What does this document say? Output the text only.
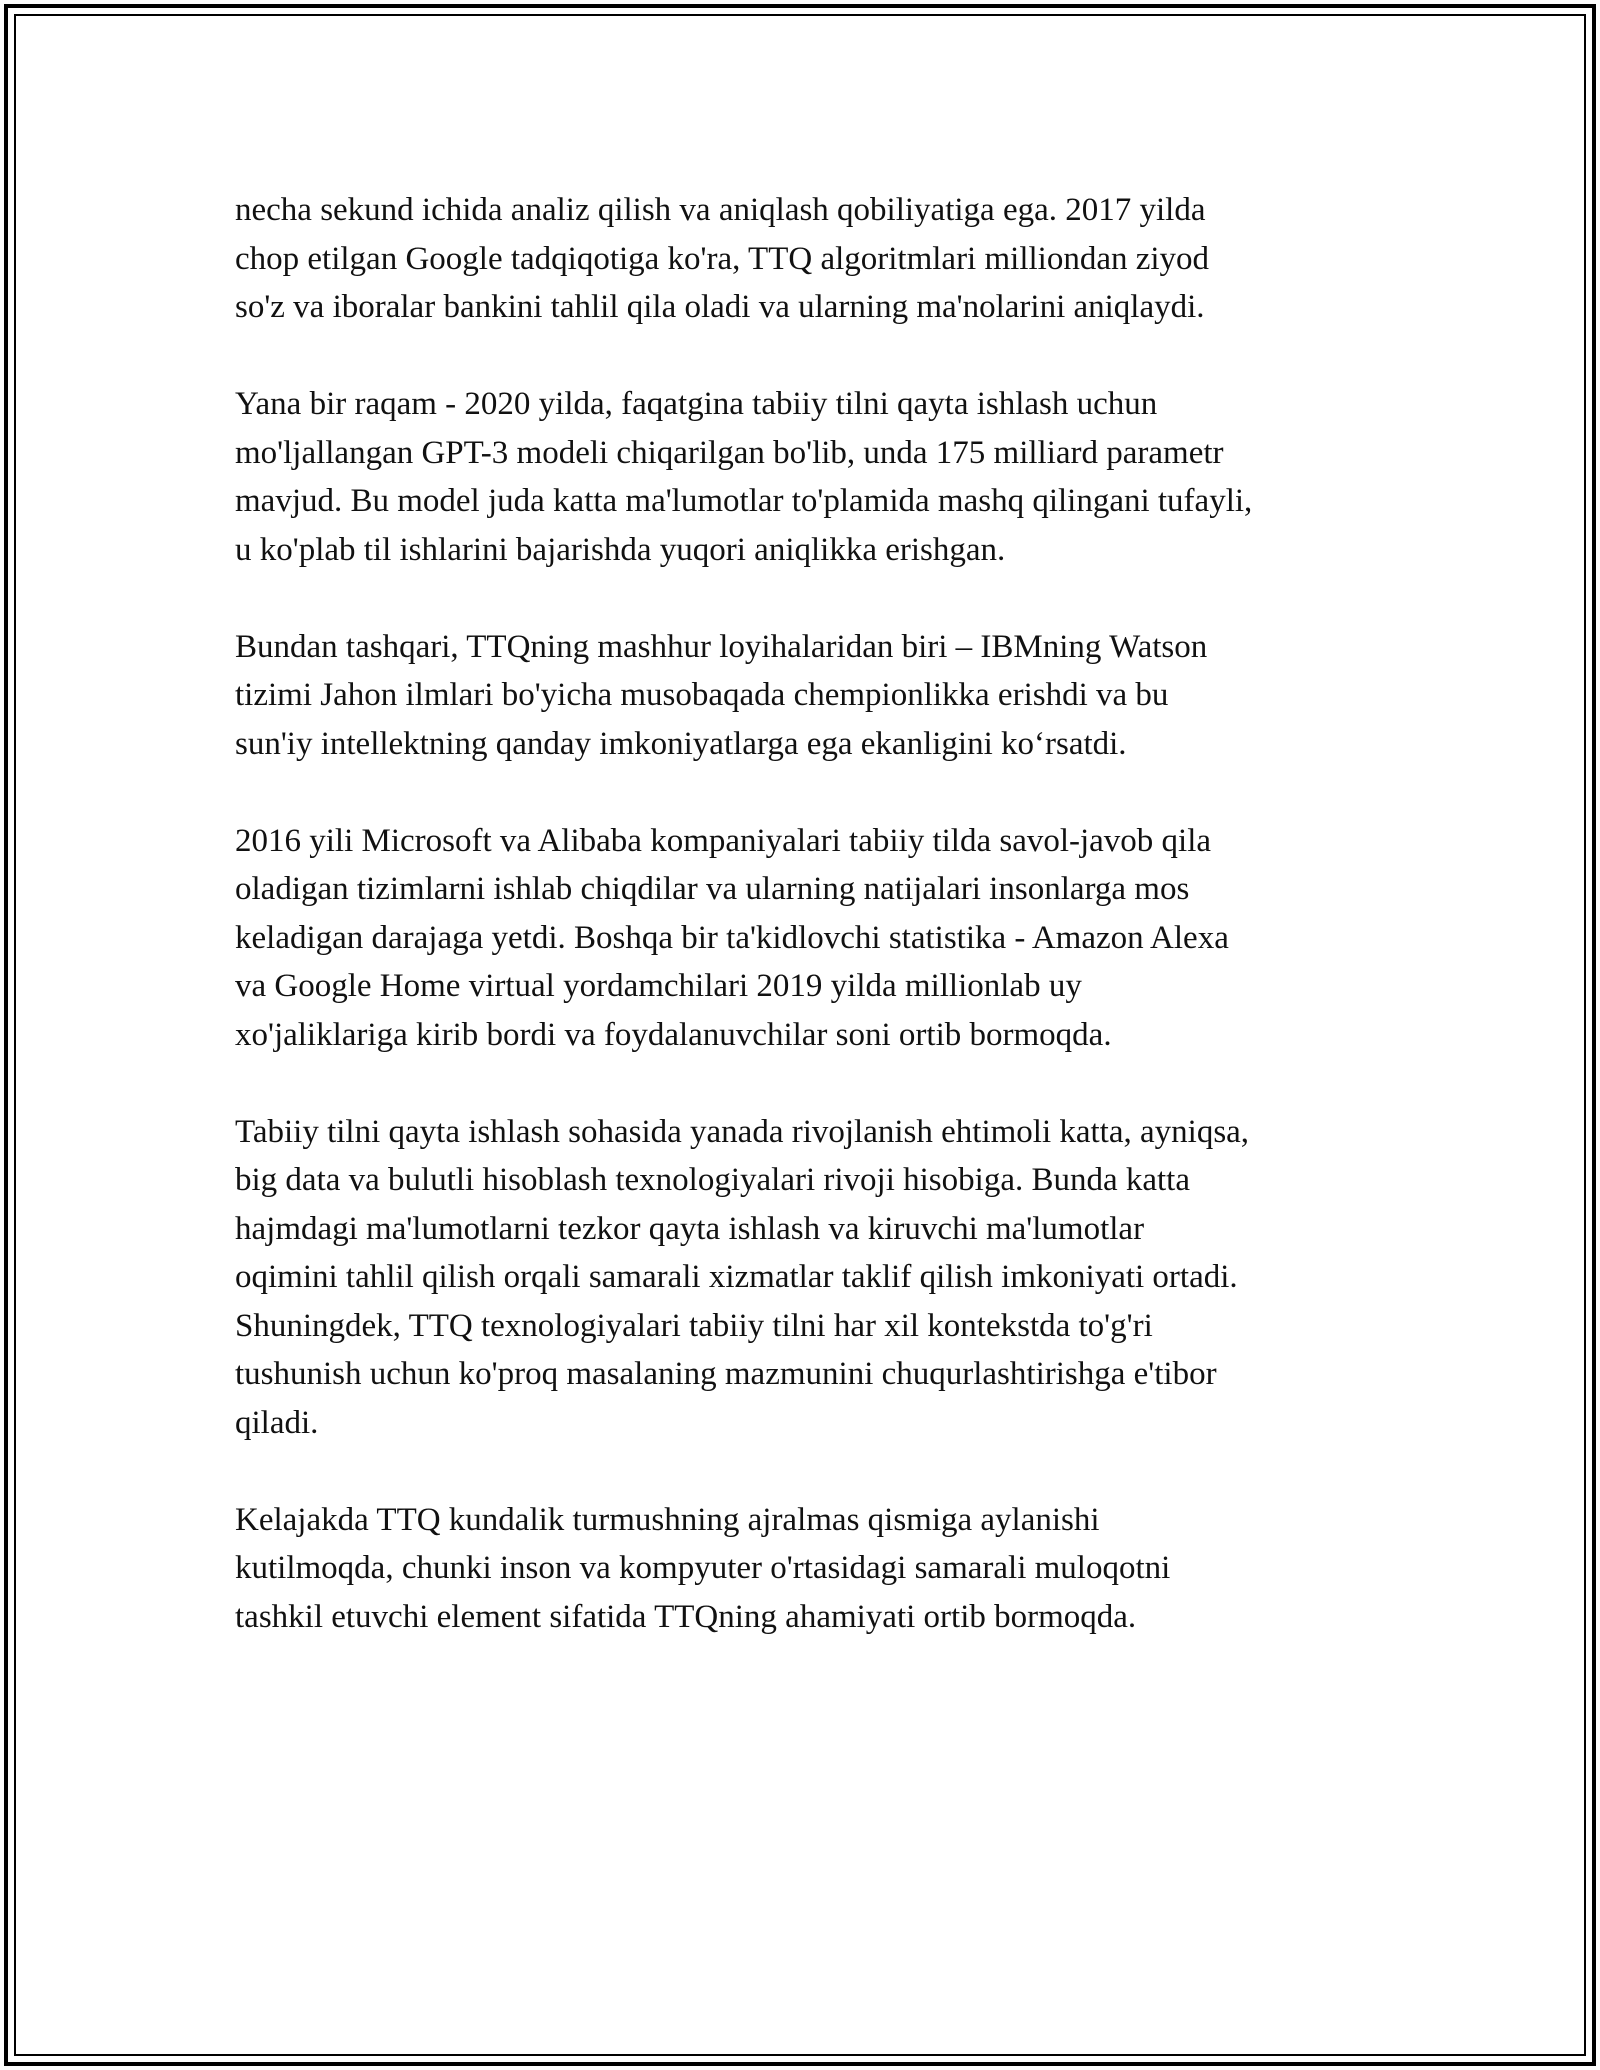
necha sekund ichida analiz qilish va aniqlash qobiliyatiga ega. 2017 yilda
chop etilgan Google tadqiqotiga ko'ra, TTQ algoritmlari milliondan ziyod
so'z va iboralar bankini tahlil qila oladi va ularning ma'nolarini aniqlaydi.

Yana bir raqam - 2020 yilda, faqatgina tabiiy tilni qayta ishlash uchun
mo'ljallangan GPT-3 modeli chiqarilgan bo'lib, unda 175 milliard parametr
mavjud. Bu model juda katta ma'lumotlar to'plamida mashq qilingani tufayli,
u ko'plab til ishlarini bajarishda yuqori aniqlikka erishgan.

Bundan tashqari, TTQning mashhur loyihalaridan biri – IBMning Watson
tizimi Jahon ilmlari bo'yicha musobaqada chempionlikka erishdi va bu
sun'iy intellektning qanday imkoniyatlarga ega ekanligini koʻrsatdi.

2016 yili Microsoft va Alibaba kompaniyalari tabiiy tilda savol-javob qila
oladigan tizimlarni ishlab chiqdilar va ularning natijalari insonlarga mos
keladigan darajaga yetdi. Boshqa bir ta'kidlovchi statistika - Amazon Alexa
va Google Home virtual yordamchilari 2019 yilda millionlab uy
xo'jaliklariga kirib bordi va foydalanuvchilar soni ortib bormoqda.

Tabiiy tilni qayta ishlash sohasida yanada rivojlanish ehtimoli katta, ayniqsa,
big data va bulutli hisoblash texnologiyalari rivoji hisobiga. Bunda katta
hajmdagi ma'lumotlarni tezkor qayta ishlash va kiruvchi ma'lumotlar
oqimini tahlil qilish orqali samarali xizmatlar taklif qilish imkoniyati ortadi.
Shuningdek, TTQ texnologiyalari tabiiy tilni har xil kontekstda to'g'ri
tushunish uchun ko'proq masalaning mazmunini chuqurlashtirishga e'tibor
qiladi.

Kelajakda TTQ kundalik turmushning ajralmas qismiga aylanishi
kutilmoqda, chunki inson va kompyuter o'rtasidagi samarali muloqotni
tashkil etuvchi element sifatida TTQning ahamiyati ortib bormoqda.
